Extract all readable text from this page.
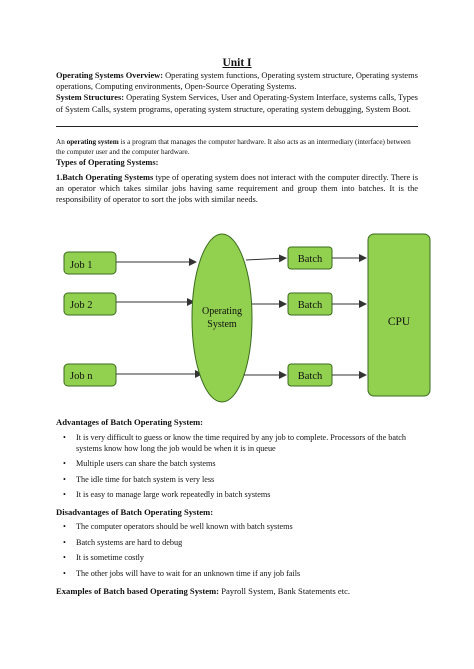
Unit I
Operating Systems Overview: Operating system functions, Operating system structure, Operating systems operations, Computing environments, Open-Source Operating Systems.
System Structures: Operating System Services, User and Operating-System Interface, systems calls, Types of System Calls, system programs, operating system structure, operating system debugging, System Boot.
An operating system is a program that manages the computer hardware. It also acts as an intermediary (interface) between the computer user and the computer hardware.
Types of Operating Systems:
1.Batch Operating Systems type of operating system does not interact with the computer directly. There is an operator which takes similar jobs having same requirement and group them into batches. It is the responsibility of operator to sort the jobs with similar needs.
Job 1
Job 2
Job n
Operating
System
Batch
Batch
Batch
CPU
Advantages of Batch Operating System:
• It is very difficult to guess or know the time required by any job to complete. Processors of the batch systems know how long the job would be when it is in queue
• Multiple users can share the batch systems
• The idle time for batch system is very less
• It is easy to manage large work repeatedly in batch systems
Disadvantages of Batch Operating System:
• The computer operators should be well known with batch systems
• Batch systems are hard to debug
• It is sometime costly
• The other jobs will have to wait for an unknown time if any job fails
Examples of Batch based Operating System: Payroll System, Bank Statements etc.
